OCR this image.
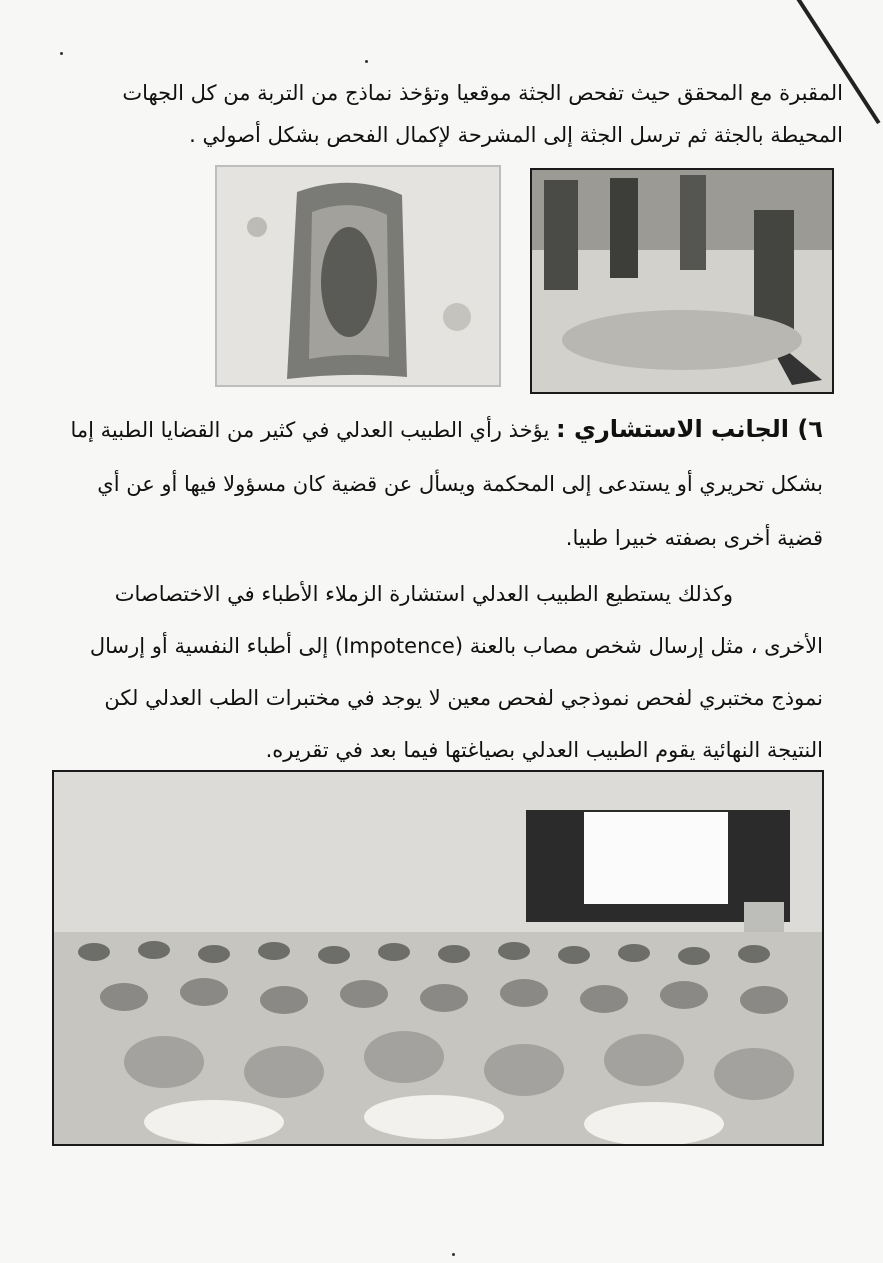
المقبرة مع المحقق حيث تفحص الجثة موقعيا وتؤخذ نماذج من التربة من كل الجهات المحيطة بالجثة ثم ترسل الجثة إلى المشرحة لإكمال الفحص بشكل أصولي .

٦) الجانب الاستشاري : يؤخذ رأي الطبيب العدلي في كثير من القضايا الطبية إما بشكل تحريري أو يستدعى إلى المحكمة ويسأل عن قضية كان مسؤولا فيها أو عن أي قضية أخرى بصفته خبيرا طبيا.

وكذلك يستطيع الطبيب العدلي استشارة الزملاء الأطباء في الاختصاصات الأخرى ، مثل إرسال شخص مصاب بالعنة (Impotence) إلى أطباء النفسية أو إرسال نموذج مختبري لفحص نموذجي لفحص معين لا يوجد في مختبرات الطب العدلي لكن النتيجة النهائية يقوم الطبيب العدلي بصياغتها فيما بعد في تقريره.
